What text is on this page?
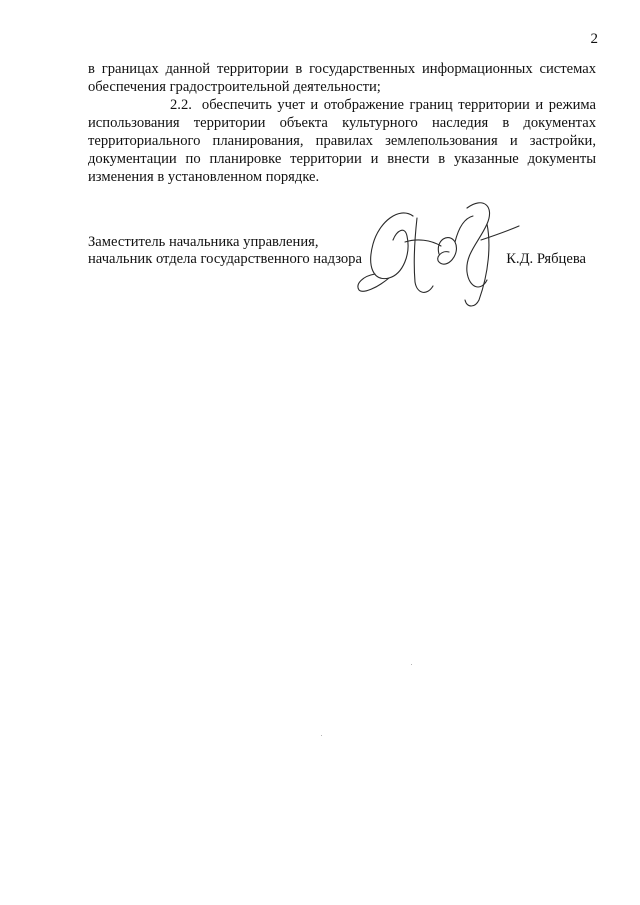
2

в границах данной территории в государственных информационных системах обеспечения градостроительной деятельности;

2.2. обеспечить учет и отображение границ территории и режима использования территории объекта культурного наследия в документах территориального планирования, правилах землепользования и застройки, документации по планировке территории и внести в указанные документы изменения в установленном порядке.

Заместитель начальника управления,
начальник отдела государственного надзора	К.Д. Рябцева
